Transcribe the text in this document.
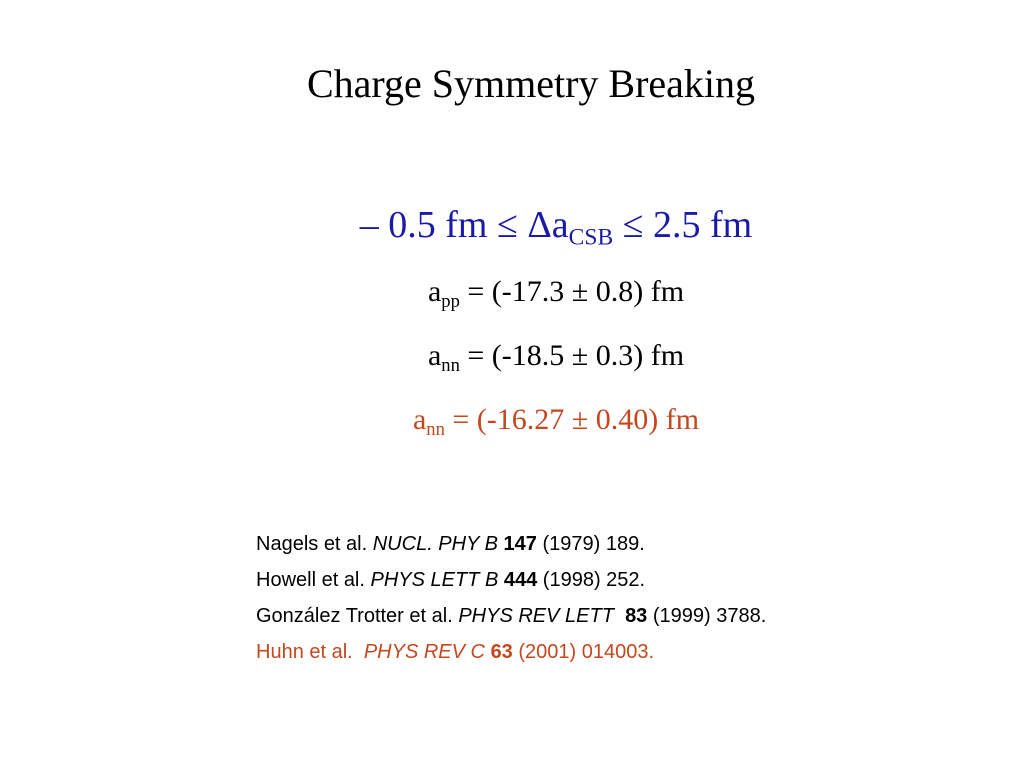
Charge Symmetry Breaking
– 0.5 fm ≤ $\Delta a_{CSB} \le 2.5$ fm
$a_{pp} = (-17.3 \pm 0.8)$ fm
$a_{nn} = (-18.5 \pm 0.3)$ fm
$a_{nn} = (-16.27 \pm 0.40)$ fm
Nagels et al. NUCL. PHY B 147 (1979) 189.
Howell et al. PHYS LETT B 444 (1998) 252.
González Trotter et al. PHYS REV LETT 83 (1999) 3788.
Huhn et al.  PHYS REV C 63 (2001) 014003.
